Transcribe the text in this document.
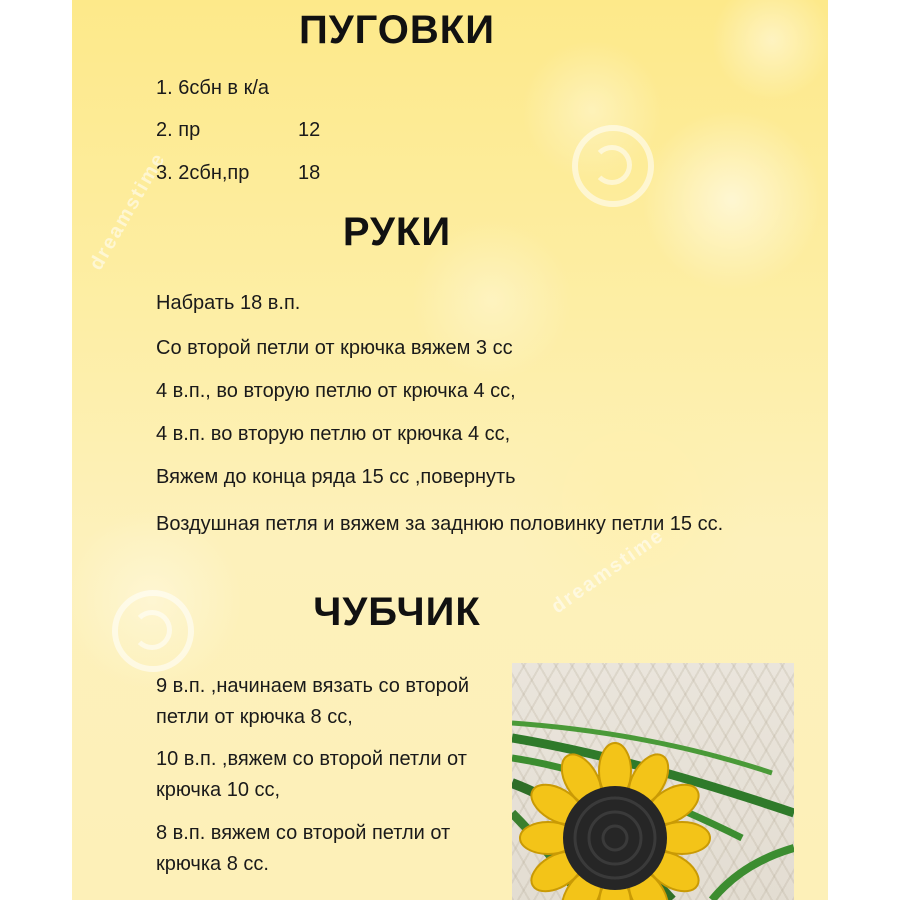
dreamstime
dreamstime
ПУГОВКИ

1. 6сбн в к/а

2. пр	12

3. 2сбн,пр 18

РУКИ

Набрать 18 в.п.

Со второй петли от крючка вяжем 3 сс

4 в.п., во вторую петлю от крючка 4 сс,

4 в.п. во вторую петлю от крючка 4 сс,

Вяжем до конца ряда 15 сс ,повернуть

Воздушная петля и вяжем за заднюю половинку петли 15 сс.

ЧУБЧИК

9 в.п. ,начинаем вязать со второй петли от крючка 8 сс,

10 в.п. ,вяжем со второй петли от крючка 10 сс,

8 в.п. вяжем со второй петли от крючка 8 сс.
